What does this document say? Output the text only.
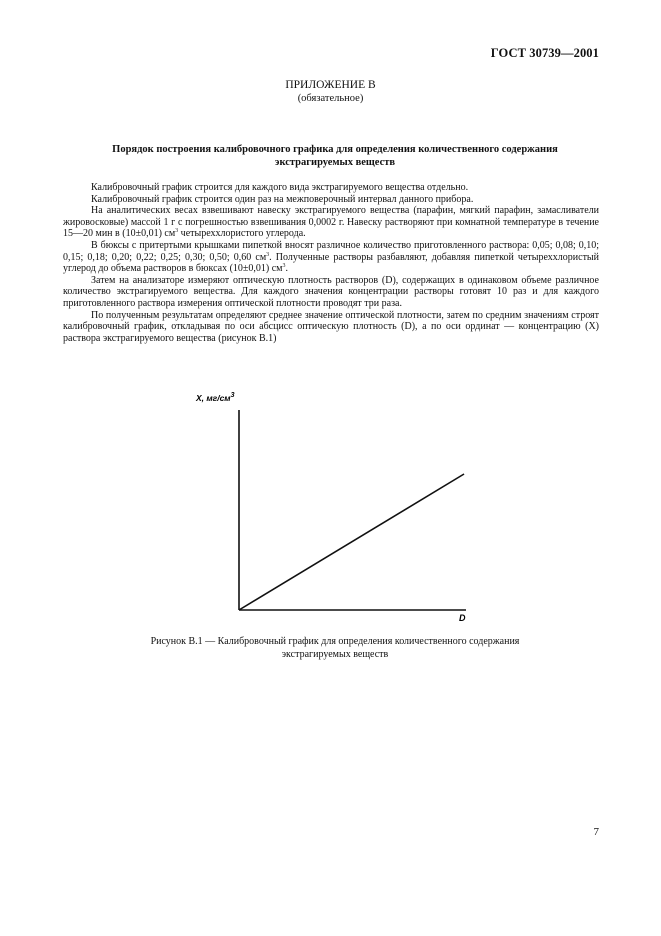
ГОСТ 30739—2001
ПРИЛОЖЕНИЕ В
(обязательное)
Порядок построения калибровочного графика для определения количественного содержания
экстрагируемых веществ

Калибровочный график строится для каждого вида экстрагируемого вещества отдельно.

Калибровочный график строится один раз на межповерочный интервал данного прибора.

На аналитических весах взвешивают навеску экстрагируемого вещества (парафин, мягкий парафин, замасливатели жировосковые) массой 1 г с погрешностью взвешивания 0,0002 г. Навеску растворяют при комнатной температуре в течение 15—20 мин в (10±0,01) $см^3$ четыреххлористого углерода.

В бюксы с притертыми крышками пипеткой вносят различное количество приготовленного раствора: 0,05; 0,08; 0,10; 0,15; 0,18; 0,20; 0,22; 0,25; 0,30; 0,50; 0,60 $см^3$. Полученные растворы разбавляют, добавляя пипеткой четыреххлористый углерод до объема растворов в бюксах (10±0,01) $см^3$.

Затем на анализаторе измеряют оптическую плотность растворов (D), содержащих в одинаковом объеме различное количество экстрагируемого вещества. Для каждого значения концентрации растворы готовят 10 раз и для каждого приготовленного раствора измерения оптической плотности проводят три раза.

По полученным результатам определяют среднее значение оптической плотности, затем по средним значениям строят калибровочный график, откладывая по оси абсцисс оптическую плотность (D), а по оси ординат — концентрацию (X) раствора экстрагируемого вещества (рисунок В.1)

X, $мг/см^3$
D
Рисунок В.1 — Калибровочный график для определения количественного содержания
экстрагируемых веществ
7
